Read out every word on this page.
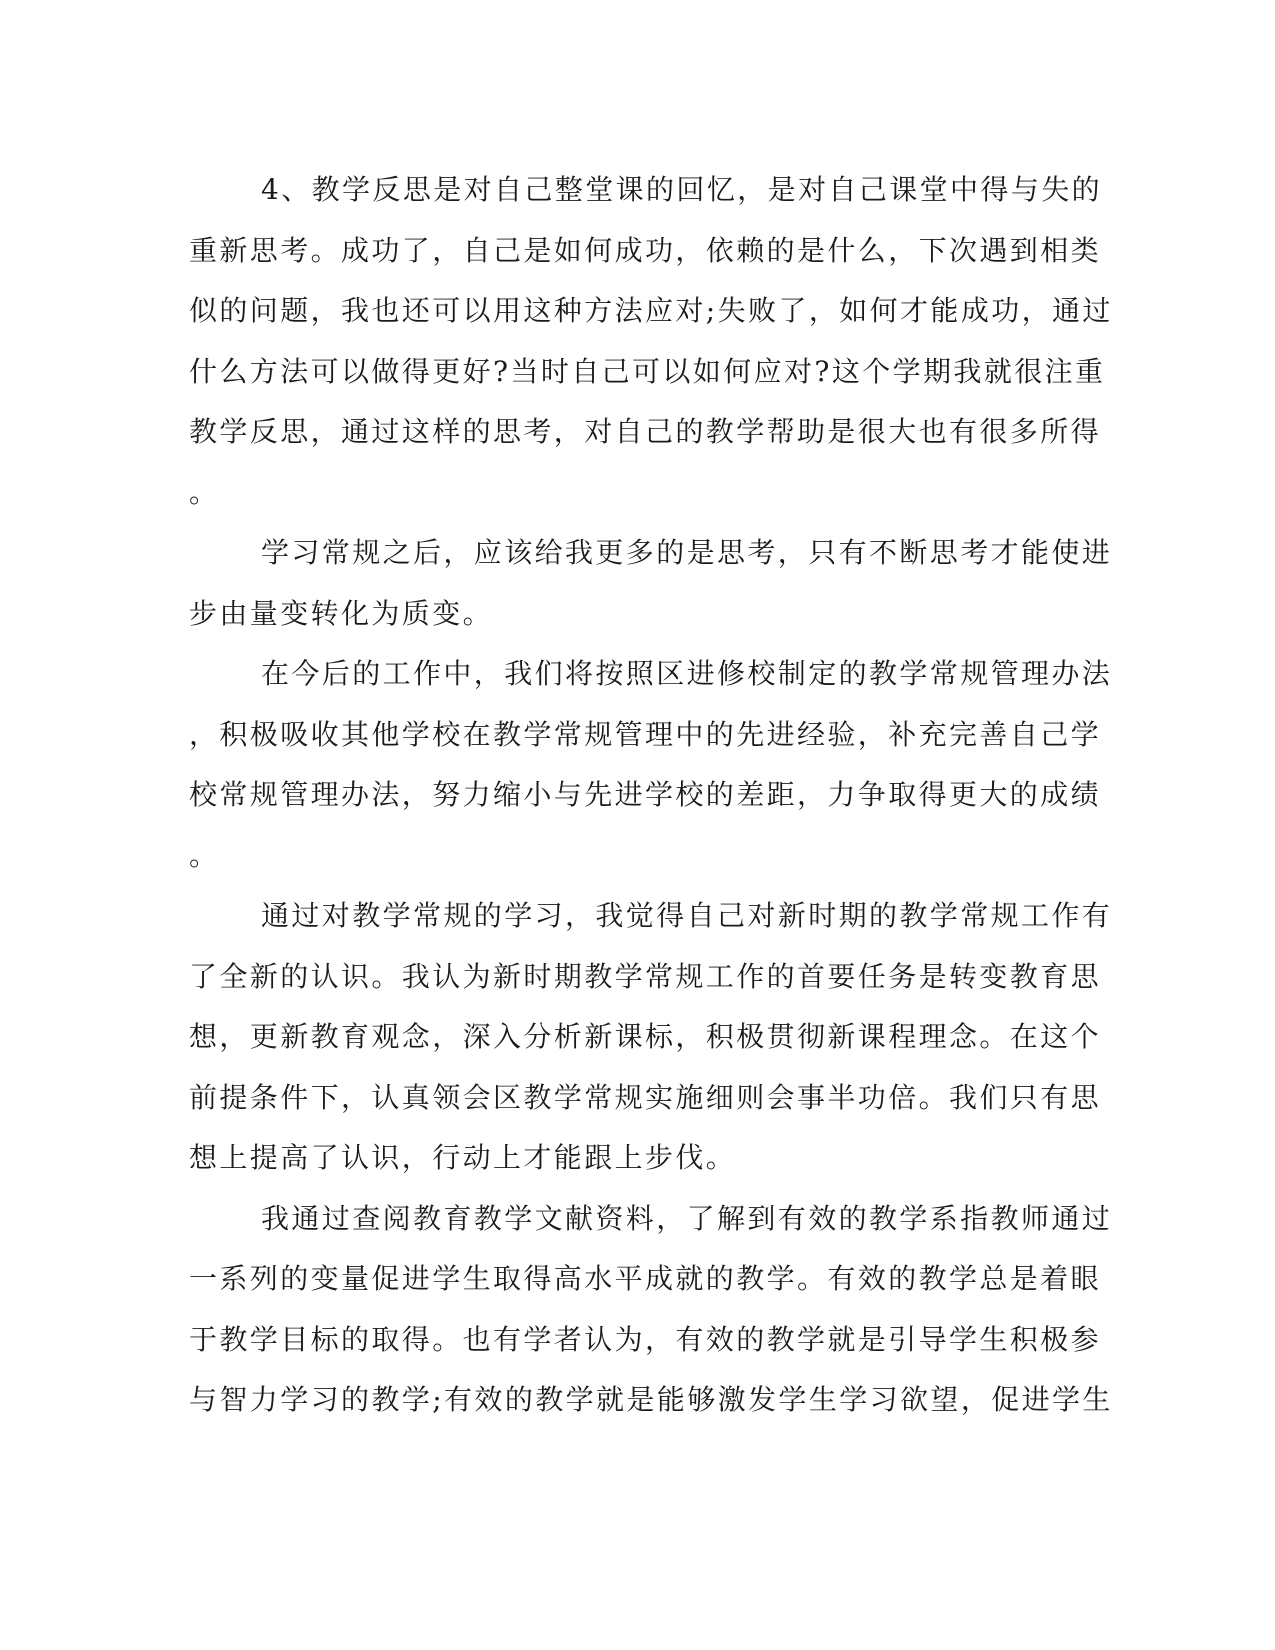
4、教学反思是对自己整堂课的回忆，是对自己课堂中得与失的
重新思考。成功了，自己是如何成功，依赖的是什么，下次遇到相类
似的问题，我也还可以用这种方法应对;失败了，如何才能成功，通过
什么方法可以做得更好?当时自己可以如何应对?这个学期我就很注重
教学反思，通过这样的思考，对自己的教学帮助是很大也有很多所得
。
学习常规之后，应该给我更多的是思考，只有不断思考才能使进
步由量变转化为质变。
在今后的工作中，我们将按照区进修校制定的教学常规管理办法
，积极吸收其他学校在教学常规管理中的先进经验，补充完善自己学
校常规管理办法，努力缩小与先进学校的差距，力争取得更大的成绩
。
通过对教学常规的学习，我觉得自己对新时期的教学常规工作有
了全新的认识。我认为新时期教学常规工作的首要任务是转变教育思
想，更新教育观念，深入分析新课标，积极贯彻新课程理念。在这个
前提条件下，认真领会区教学常规实施细则会事半功倍。我们只有思
想上提高了认识，行动上才能跟上步伐。
我通过查阅教育教学文献资料，了解到有效的教学系指教师通过
一系列的变量促进学生取得高水平成就的教学。有效的教学总是着眼
于教学目标的取得。也有学者认为，有效的教学就是引导学生积极参
与智力学习的教学;有效的教学就是能够激发学生学习欲望，促进学生
